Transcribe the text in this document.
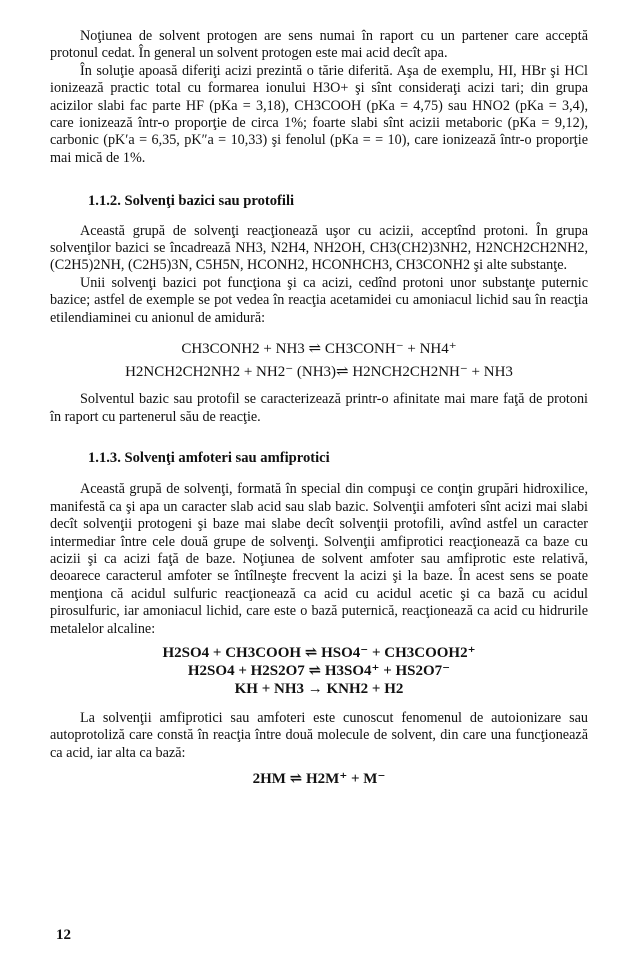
Noţiunea de solvent protogen are sens numai în raport cu un partener care acceptă protonul cedat. În general un solvent protogen este mai acid decît apa.

În soluţie apoasă diferiţi acizi prezintă o tărie diferită. Aşa de exemplu, HI, HBr şi HCl ionizează practic total cu formarea ionului H3O+ şi sînt consideraţi acizi tari; din grupa acizilor slabi fac parte HF (pKa = 3,18), CH3COOH (pKa = 4,75) sau HNO2 (pKa = 3,4), care ionizează într-o proporţie de circa 1%; foarte slabi sînt acizii metaboric (pKa = 9,12), carbonic (pK′a = 6,35, pK″a = 10,33) şi fenolul (pKa = = 10), care ionizează într-o proporţie mai mică de 1%.

1.1.2. Solvenţi bazici sau protofili

Această grupă de solvenţi reacţionează uşor cu acizii, acceptînd protoni. În grupa solvenţilor bazici se încadrează NH3, N2H4, NH2OH, CH3(CH2)3NH2, H2NCH2CH2NH2, (C2H5)2NH, (C2H5)3N, C5H5N, HCONH2, HCONHCH3, CH3CONH2 şi alte substanţe.

Unii solvenţi bazici pot funcţiona şi ca acizi, cedînd protoni unor substanţe puternic bazice; astfel de exemple se pot vedea în reacţia acetamidei cu amoniacul lichid sau în reacţia etilendiaminei cu anionul de amidură:

CH3CONH2 + NH3 ⇌ CH3CONH⁻ + NH4⁺

H2NCH2CH2NH2 + NH2⁻ (NH3)⇌ H2NCH2CH2NH⁻ + NH3

Solventul bazic sau protofil se caracterizează printr-o afinitate mai mare faţă de protoni în raport cu partenerul său de reacţie.

1.1.3. Solvenţi amfoteri sau amfiprotici

Această grupă de solvenţi, formată în special din compuşi ce conţin grupări hidroxilice, manifestă ca şi apa un caracter slab acid sau slab bazic. Solvenţii amfoteri sînt acizi mai slabi decît solvenţii protogeni şi baze mai slabe decît solvenţii protofili, avînd astfel un caracter intermediar între cele două grupe de solvenţi. Solvenţii amfiprotici reacţionează ca baze cu acizii şi ca acizi faţă de baze. Noţiunea de solvent amfoter sau amfiprotic este relativă, deoarece caracterul amfoter se întîlneşte frecvent la acizi şi la baze. În acest sens se poate menţiona că acidul sulfuric reacţionează ca acid cu acidul acetic şi ca bază cu acidul pirosulfuric, iar amoniacul lichid, care este o bază puternică, reacţionează ca acid cu hidrurile metalelor alcaline:

H2SO4 + CH3COOH ⇌ HSO4⁻ + CH3COOH2⁺

H2SO4 + H2S2O7 ⇌ H3SO4⁺ + HS2O7⁻

KH + NH3 → KNH2 + H2

La solvenţii amfiprotici sau amfoteri este cunoscut fenomenul de autoionizare sau autoprotoliză care constă în reacţia între două molecule de solvent, din care una funcţionează ca acid, iar alta ca bază:

2HM ⇌ H2M⁺ + M⁻

12
